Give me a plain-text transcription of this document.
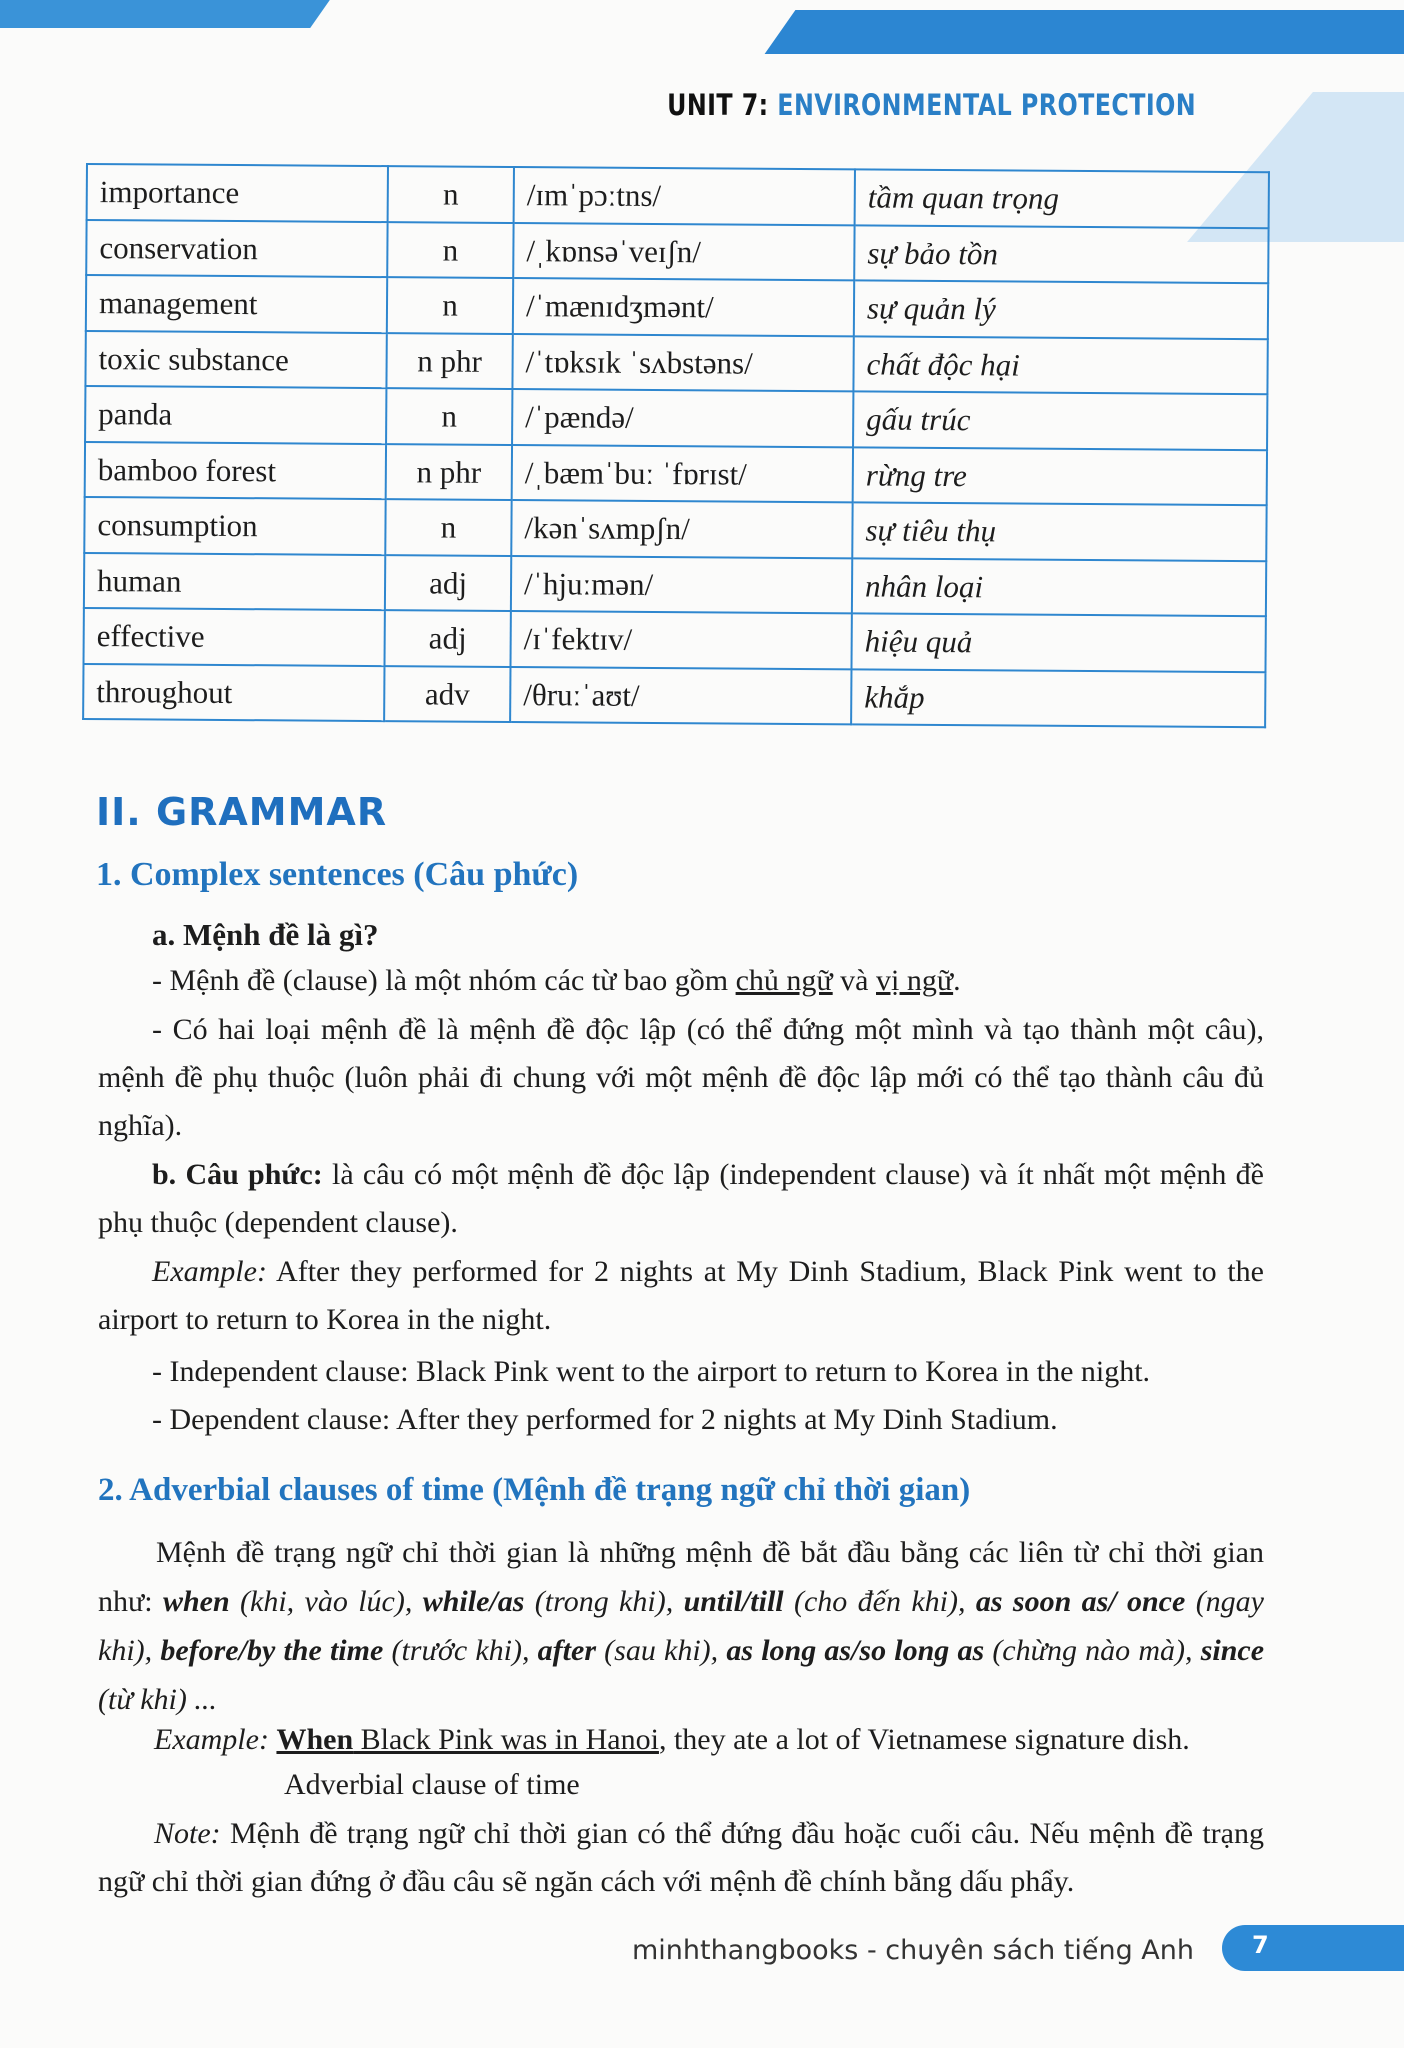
UNIT 7: ENVIRONMENTAL PROTECTION
importance	n	/ɪmˈpɔːtns/	tầm quan trọng
conservation	n	/ˌkɒnsəˈveɪʃn/	sự bảo tồn
management	n	/ˈmænɪdʒmənt/	sự quản lý
toxic substance	n phr	/ˈtɒksɪk ˈsʌbstəns/	chất độc hại
panda	n	/ˈpændə/	gấu trúc
bamboo forest	n phr	/ˌbæmˈbuː ˈfɒrɪst/	rừng tre
consumption	n	/kənˈsʌmpʃn/	sự tiêu thụ
human	adj	/ˈhjuːmən/	nhân loại
effective	adj	/ɪˈfektɪv/	hiệu quả
throughout	adv	/θruːˈaʊt/	khắp
II. GRAMMAR
1. Complex sentences (Câu phức)

a. Mệnh đề là gì?

- Mệnh đề (clause) là một nhóm các từ bao gồm chủ ngữ và vị ngữ.

- Có hai loại mệnh đề là mệnh đề độc lập (có thể đứng một mình và tạo thành một câu), mệnh đề phụ thuộc (luôn phải đi chung với một mệnh đề độc lập mới có thể tạo thành câu đủ nghĩa).

b. Câu phức: là câu có một mệnh đề độc lập (independent clause) và ít nhất một mệnh đề phụ thuộc (dependent clause).

Example: After they performed for 2 nights at My Dinh Stadium, Black Pink went to the airport to return to Korea in the night.

- Independent clause: Black Pink went to the airport to return to Korea in the night.

- Dependent clause: After they performed for 2 nights at My Dinh Stadium.

2. Adverbial clauses of time (Mệnh đề trạng ngữ chỉ thời gian)

Mệnh đề trạng ngữ chỉ thời gian là những mệnh đề bắt đầu bằng các liên từ chỉ thời gian như: when (khi, vào lúc), while/as (trong khi), until/till (cho đến khi), as soon as/ once (ngay khi), before/by the time (trước khi), after (sau khi), as long as/so long as (chừng nào mà), since (từ khi) ...

Example: When Black Pink was in Hanoi, they ate a lot of Vietnamese signature dish.

Adverbial clause of time

Note: Mệnh đề trạng ngữ chỉ thời gian có thể đứng đầu hoặc cuối câu. Nếu mệnh đề trạng ngữ chỉ thời gian đứng ở đầu câu sẽ ngăn cách với mệnh đề chính bằng dấu phẩy.

minhthangbooks - chuyên sách tiếng Anh 7
